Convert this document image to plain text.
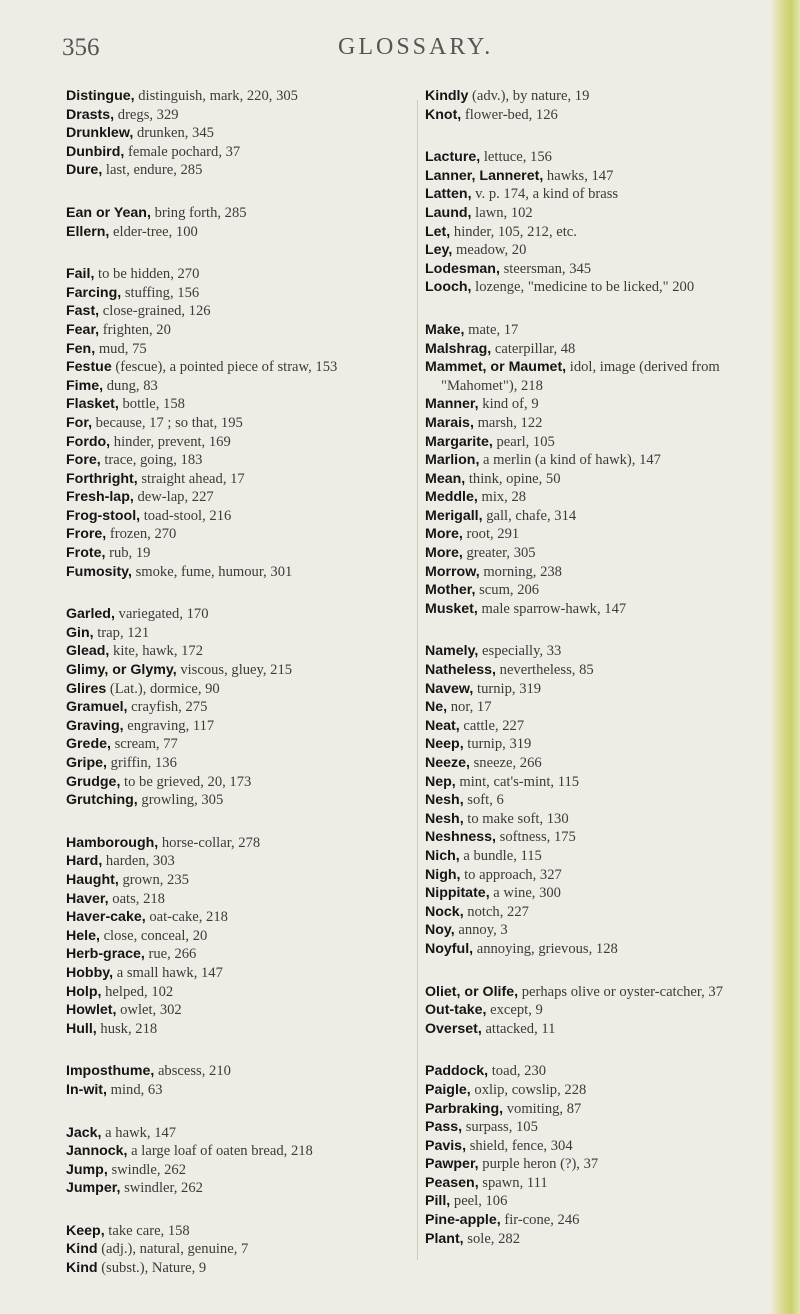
356	GLOSSARY.
Distingue, distinguish, mark, 220, 305
Drasts, dregs, 329
Drunklew, drunken, 345
Dunbird, female pochard, 37
Dure, last, endure, 285
Ean or Yean, bring forth, 285
Ellern, elder-tree, 100
Fail, to be hidden, 270
Farcing, stuffing, 156
Fast, close-grained, 126
Fear, frighten, 20
Fen, mud, 75
Festue (fescue), a pointed piece of straw, 153
Fime, dung, 83
Flasket, bottle, 158
For, because, 17 ; so that, 195
Fordo, hinder, prevent, 169
Fore, trace, going, 183
Forthright, straight ahead, 17
Fresh-lap, dew-lap, 227
Frog-stool, toad-stool, 216
Frore, frozen, 270
Frote, rub, 19
Fumosity, smoke, fume, humour, 301
Garled, variegated, 170
Gin, trap, 121
Glead, kite, hawk, 172
Glimy, or Glymy, viscous, gluey, 215
Glires (Lat.), dormice, 90
Gramuel, crayfish, 275
Graving, engraving, 117
Grede, scream, 77
Gripe, griffin, 136
Grudge, to be grieved, 20, 173
Grutching, growling, 305
Hamborough, horse-collar, 278
Hard, harden, 303
Haught, grown, 235
Haver, oats, 218
Haver-cake, oat-cake, 218
Hele, close, conceal, 20
Herb-grace, rue, 266
Hobby, a small hawk, 147
Holp, helped, 102
Howlet, owlet, 302
Hull, husk, 218
Imposthume, abscess, 210
In-wit, mind, 63
Jack, a hawk, 147
Jannock, a large loaf of oaten bread, 218
Jump, swindle, 262
Jumper, swindler, 262
Keep, take care, 158
Kind (adj.), natural, genuine, 7
Kind (subst.), Nature, 9
Kindly (adv.), by nature, 19
Knot, flower-bed, 126
Lacture, lettuce, 156
Lanner, Lanneret, hawks, 147
Latten, v. p. 174, a kind of brass
Laund, lawn, 102
Let, hinder, 105, 212, etc.
Ley, meadow, 20
Lodesman, steersman, 345
Looch, lozenge, "medicine to be licked," 200
Make, mate, 17
Malshrag, caterpillar, 48
Mammet, or Maumet, idol, image (derived from "Mahomet"), 218
Manner, kind of, 9
Marais, marsh, 122
Margarite, pearl, 105
Marlion, a merlin (a kind of hawk), 147
Mean, think, opine, 50
Meddle, mix, 28
Merigall, gall, chafe, 314
More, root, 291
More, greater, 305
Morrow, morning, 238
Mother, scum, 206
Musket, male sparrow-hawk, 147
Namely, especially, 33
Natheless, nevertheless, 85
Navew, turnip, 319
Ne, nor, 17
Neat, cattle, 227
Neep, turnip, 319
Neeze, sneeze, 266
Nep, mint, cat's-mint, 115
Nesh, soft, 6
Nesh, to make soft, 130
Neshness, softness, 175
Nich, a bundle, 115
Nigh, to approach, 327
Nippitate, a wine, 300
Nock, notch, 227
Noy, annoy, 3
Noyful, annoying, grievous, 128
Oliet, or Olife, perhaps olive or oyster-catcher, 37
Out-take, except, 9
Overset, attacked, 11
Paddock, toad, 230
Paigle, oxlip, cowslip, 228
Parbraking, vomiting, 87
Pass, surpass, 105
Pavis, shield, fence, 304
Pawper, purple heron (?), 37
Peasen, spawn, 111
Pill, peel, 106
Pine-apple, fir-cone, 246
Plant, sole, 282
